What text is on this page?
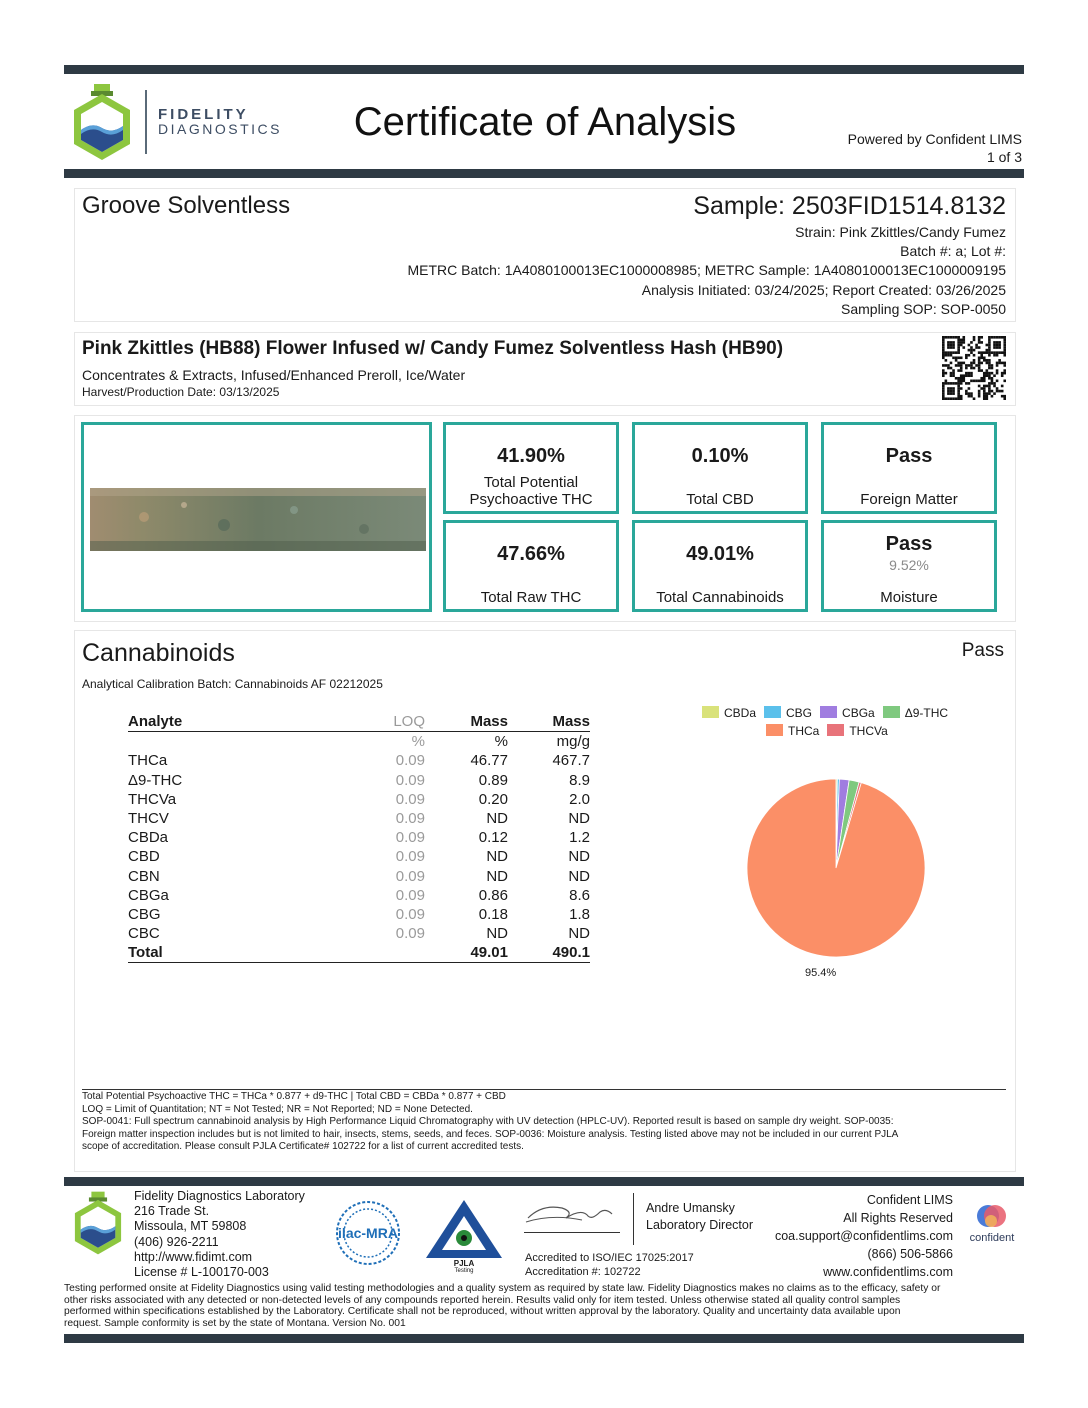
FIDELITY
DIAGNOSTICS	Certificate of Analysis	Powered by Confident LIMS
1 of 3
Groove Solventless	Sample: 2503FID1514.8132
Strain: Pink Zkittles/Candy Fumez
Batch #: a; Lot #:
METRC Batch: 1A4080100013EC1000008985; METRC Sample: 1A4080100013EC1000009195
Analysis Initiated: 03/24/2025; Report Created: 03/26/2025
Sampling SOP: SOP-0050
Pink Zkittles (HB88) Flower Infused w/ Candy Fumez Solventless Hash (HB90)
Concentrates & Extracts, Infused/Enhanced Preroll, Ice/Water
Harvest/Production Date: 03/13/2025
41.90%
Total Potential
Psychoactive THC
0.10%
Total CBD
Pass
Foreign Matter
47.66%
Total Raw THC
49.01%
Total Cannabinoids
Pass
9.52%
Moisture
Cannabinoids	Pass
Analytical Calibration Batch: Cannabinoids AF 02212025
Analyte	LOQ	Mass	Mass
	%	%	mg/g
THCa	0.09	46.77	467.7
Δ9-THC	0.09	0.89	8.9
THCVa	0.09	0.20	2.0
THCV	0.09	ND	ND
CBDa	0.09	0.12	1.2
CBD	0.09	ND	ND
CBN	0.09	ND	ND
CBGa	0.09	0.86	8.6
CBG	0.09	0.18	1.8
CBC	0.09	ND	ND
Total		49.01	490.1
CBDa	CBG	CBGa	Δ9-THC
THCa	THCVa
95.4%
Total Potential Psychoactive THC = THCa * 0.877 + d9-THC | Total CBD = CBDa * 0.877 + CBD
LOQ = Limit of Quantitation; NT = Not Tested; NR = Not Reported; ND = None Detected.
SOP-0041: Full spectrum cannabinoid analysis by High Performance Liquid Chromatography with UV detection (HPLC-UV). Reported result is based on sample dry weight. SOP-0035:
Foreign matter inspection includes but is not limited to hair, insects, stems, seeds, and feces. SOP-0036: Moisture analysis. Testing listed above may not be included in our current PJLA
scope of accreditation. Please consult PJLA Certificate# 102722 for a list of current accredited tests.
Fidelity Diagnostics Laboratory
216 Trade St.
Missoula, MT 59808
(406) 926-2211
http://www.fidimt.com
License # L-100170-003
ilac-MRA
PJLA
Testing
Andre Umansky
Laboratory Director
Accredited to ISO/IEC 17025:2017
Accreditation #: 102722
Confident LIMS
All Rights Reserved
coa.support@confidentlims.com
(866) 506-5866
www.confidentlims.com
confident
Testing performed onsite at Fidelity Diagnostics using valid testing methodologies and a quality system as required by state law. Fidelity Diagnostics makes no claims as to the efficacy, safety or
other risks associated with any detected or non-detected levels of any compounds reported herein. Results valid only for item tested. Unless otherwise stated all quality control samples
performed within specifications established by the Laboratory. Certificate shall not be reproduced, without written approval by the laboratory. Quality and uncertainty data available upon
request. Sample conformity is set by the state of Montana. Version No. 001
